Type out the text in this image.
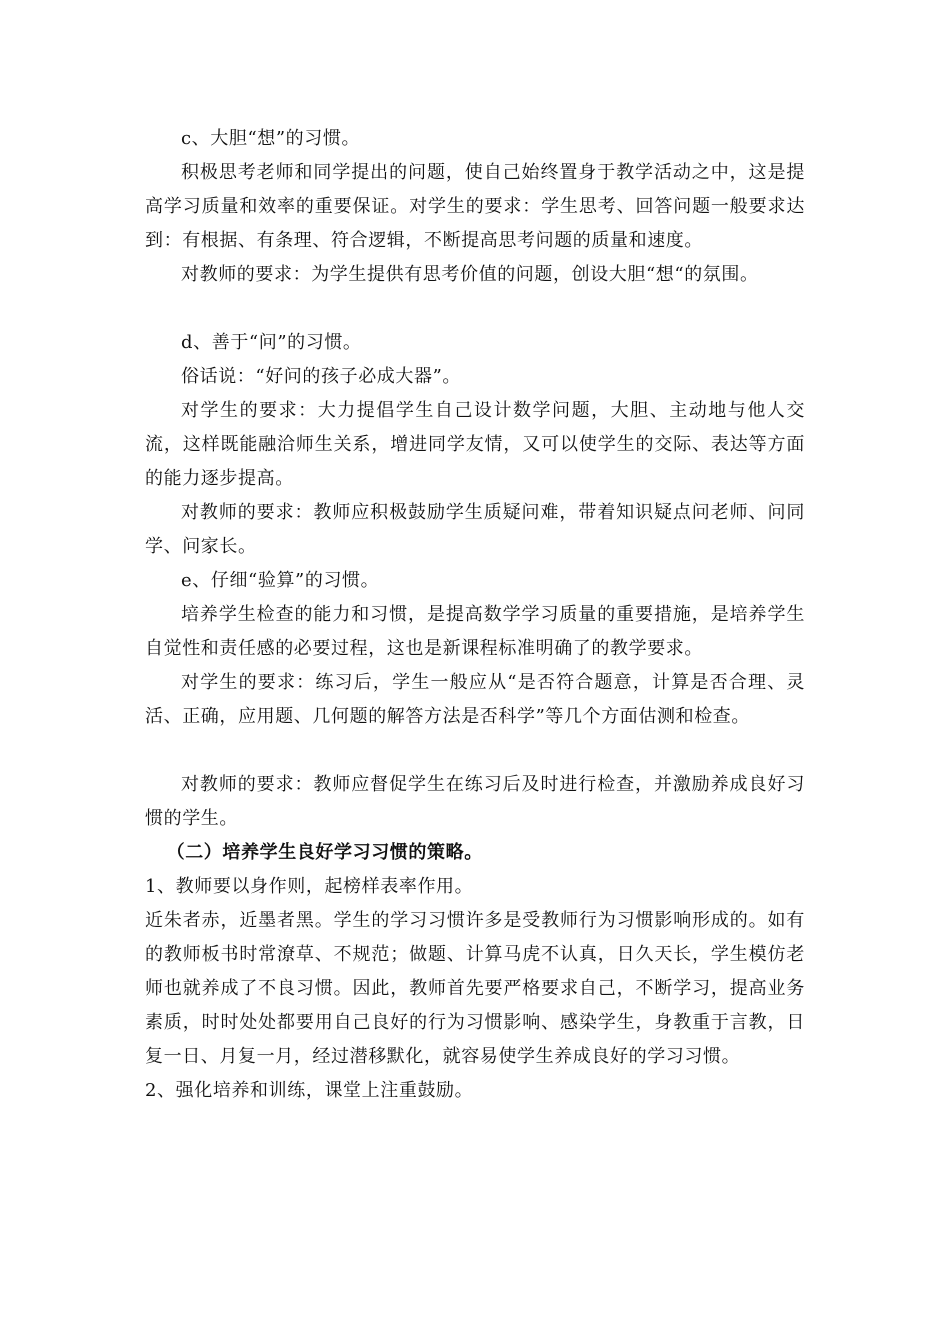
c、大胆“想”的习惯。

积极思考老师和同学提出的问题，使自己始终置身于教学活动之中，这是提高学习质量和效率的重要保证。对学生的要求：学生思考、回答问题一般要求达到：有根据、有条理、符合逻辑，不断提高思考问题的质量和速度。

对教师的要求：为学生提供有思考价值的问题，创设大胆“想“的氛围。

d、善于“问”的习惯。

俗话说：“好问的孩子必成大器”。

对学生的要求：大力提倡学生自己设计数学问题，大胆、主动地与他人交流，这样既能融洽师生关系，增进同学友情，又可以使学生的交际、表达等方面的能力逐步提高。

对教师的要求：教师应积极鼓励学生质疑问难，带着知识疑点问老师、问同学、问家长。

e、仔细“验算”的习惯。

培养学生检查的能力和习惯，是提高数学学习质量的重要措施，是培养学生自觉性和责任感的必要过程，这也是新课程标准明确了的教学要求。

对学生的要求：练习后，学生一般应从“是否符合题意，计算是否合理、灵活、正确，应用题、几何题的解答方法是否科学”等几个方面估测和检查。

对教师的要求：教师应督促学生在练习后及时进行检查，并激励养成良好习惯的学生。

（二）培养学生良好学习习惯的策略。

1、教师要以身作则，起榜样表率作用。

近朱者赤，近墨者黑。学生的学习习惯许多是受教师行为习惯影响形成的。如有的教师板书时常潦草、不规范；做题、计算马虎不认真，日久天长，学生模仿老师也就养成了不良习惯。因此，教师首先要严格要求自己，不断学习，提高业务素质，时时处处都要用自己良好的行为习惯影响、感染学生，身教重于言教，日复一日、月复一月，经过潜移默化，就容易使学生养成良好的学习习惯。

2、强化培养和训练，课堂上注重鼓励。
